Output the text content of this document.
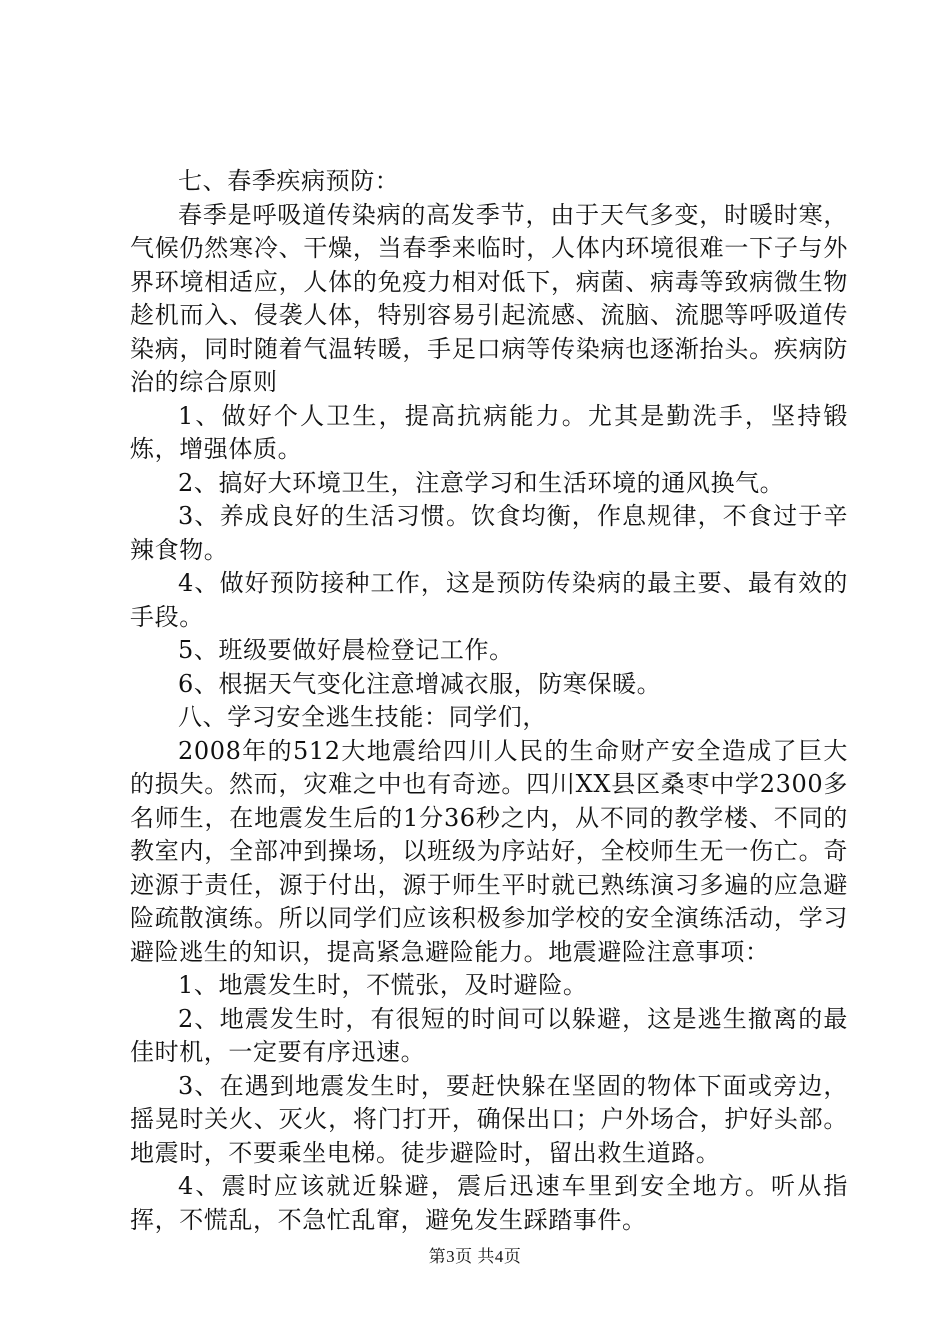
七、春季疾病预防：

春季是呼吸道传染病的高发季节，由于天气多变，时暖时寒，气候仍然寒冷、干燥，当春季来临时，人体内环境很难一下子与外界环境相适应，人体的免疫力相对低下，病菌、病毒等致病微生物趁机而入、侵袭人体，特别容易引起流感、流脑、流腮等呼吸道传染病，同时随着气温转暖，手足口病等传染病也逐渐抬头。疾病防治的综合原则

1、做好个人卫生，提高抗病能力。尤其是勤洗手，坚持锻炼，增强体质。

2、搞好大环境卫生，注意学习和生活环境的通风换气。

3、养成良好的生活习惯。饮食均衡，作息规律，不食过于辛辣食物。

4、做好预防接种工作，这是预防传染病的最主要、最有效的手段。

5、班级要做好晨检登记工作。

6、根据天气变化注意增减衣服，防寒保暖。

八、学习安全逃生技能：同学们，

2008年的512大地震给四川人民的生命财产安全造成了巨大的损失。然而，灾难之中也有奇迹。四川XX县区桑枣中学2300多名师生，在地震发生后的1分36秒之内，从不同的教学楼、不同的教室内，全部冲到操场，以班级为序站好，全校师生无一伤亡。奇迹源于责任，源于付出，源于师生平时就已熟练演习多遍的应急避险疏散演练。所以同学们应该积极参加学校的安全演练活动，学习避险逃生的知识，提高紧急避险能力。地震避险注意事项：

1、地震发生时，不慌张，及时避险。

2、地震发生时，有很短的时间可以躲避，这是逃生撤离的最佳时机，一定要有序迅速。

3、在遇到地震发生时，要赶快躲在坚固的物体下面或旁边，摇晃时关火、灭火，将门打开，确保出口；户外场合，护好头部。地震时，不要乘坐电梯。徒步避险时，留出救生道路。

4、震时应该就近躲避，震后迅速车里到安全地方。听从指挥，不慌乱，不急忙乱窜，避免发生踩踏事件。

第3页 共4页
